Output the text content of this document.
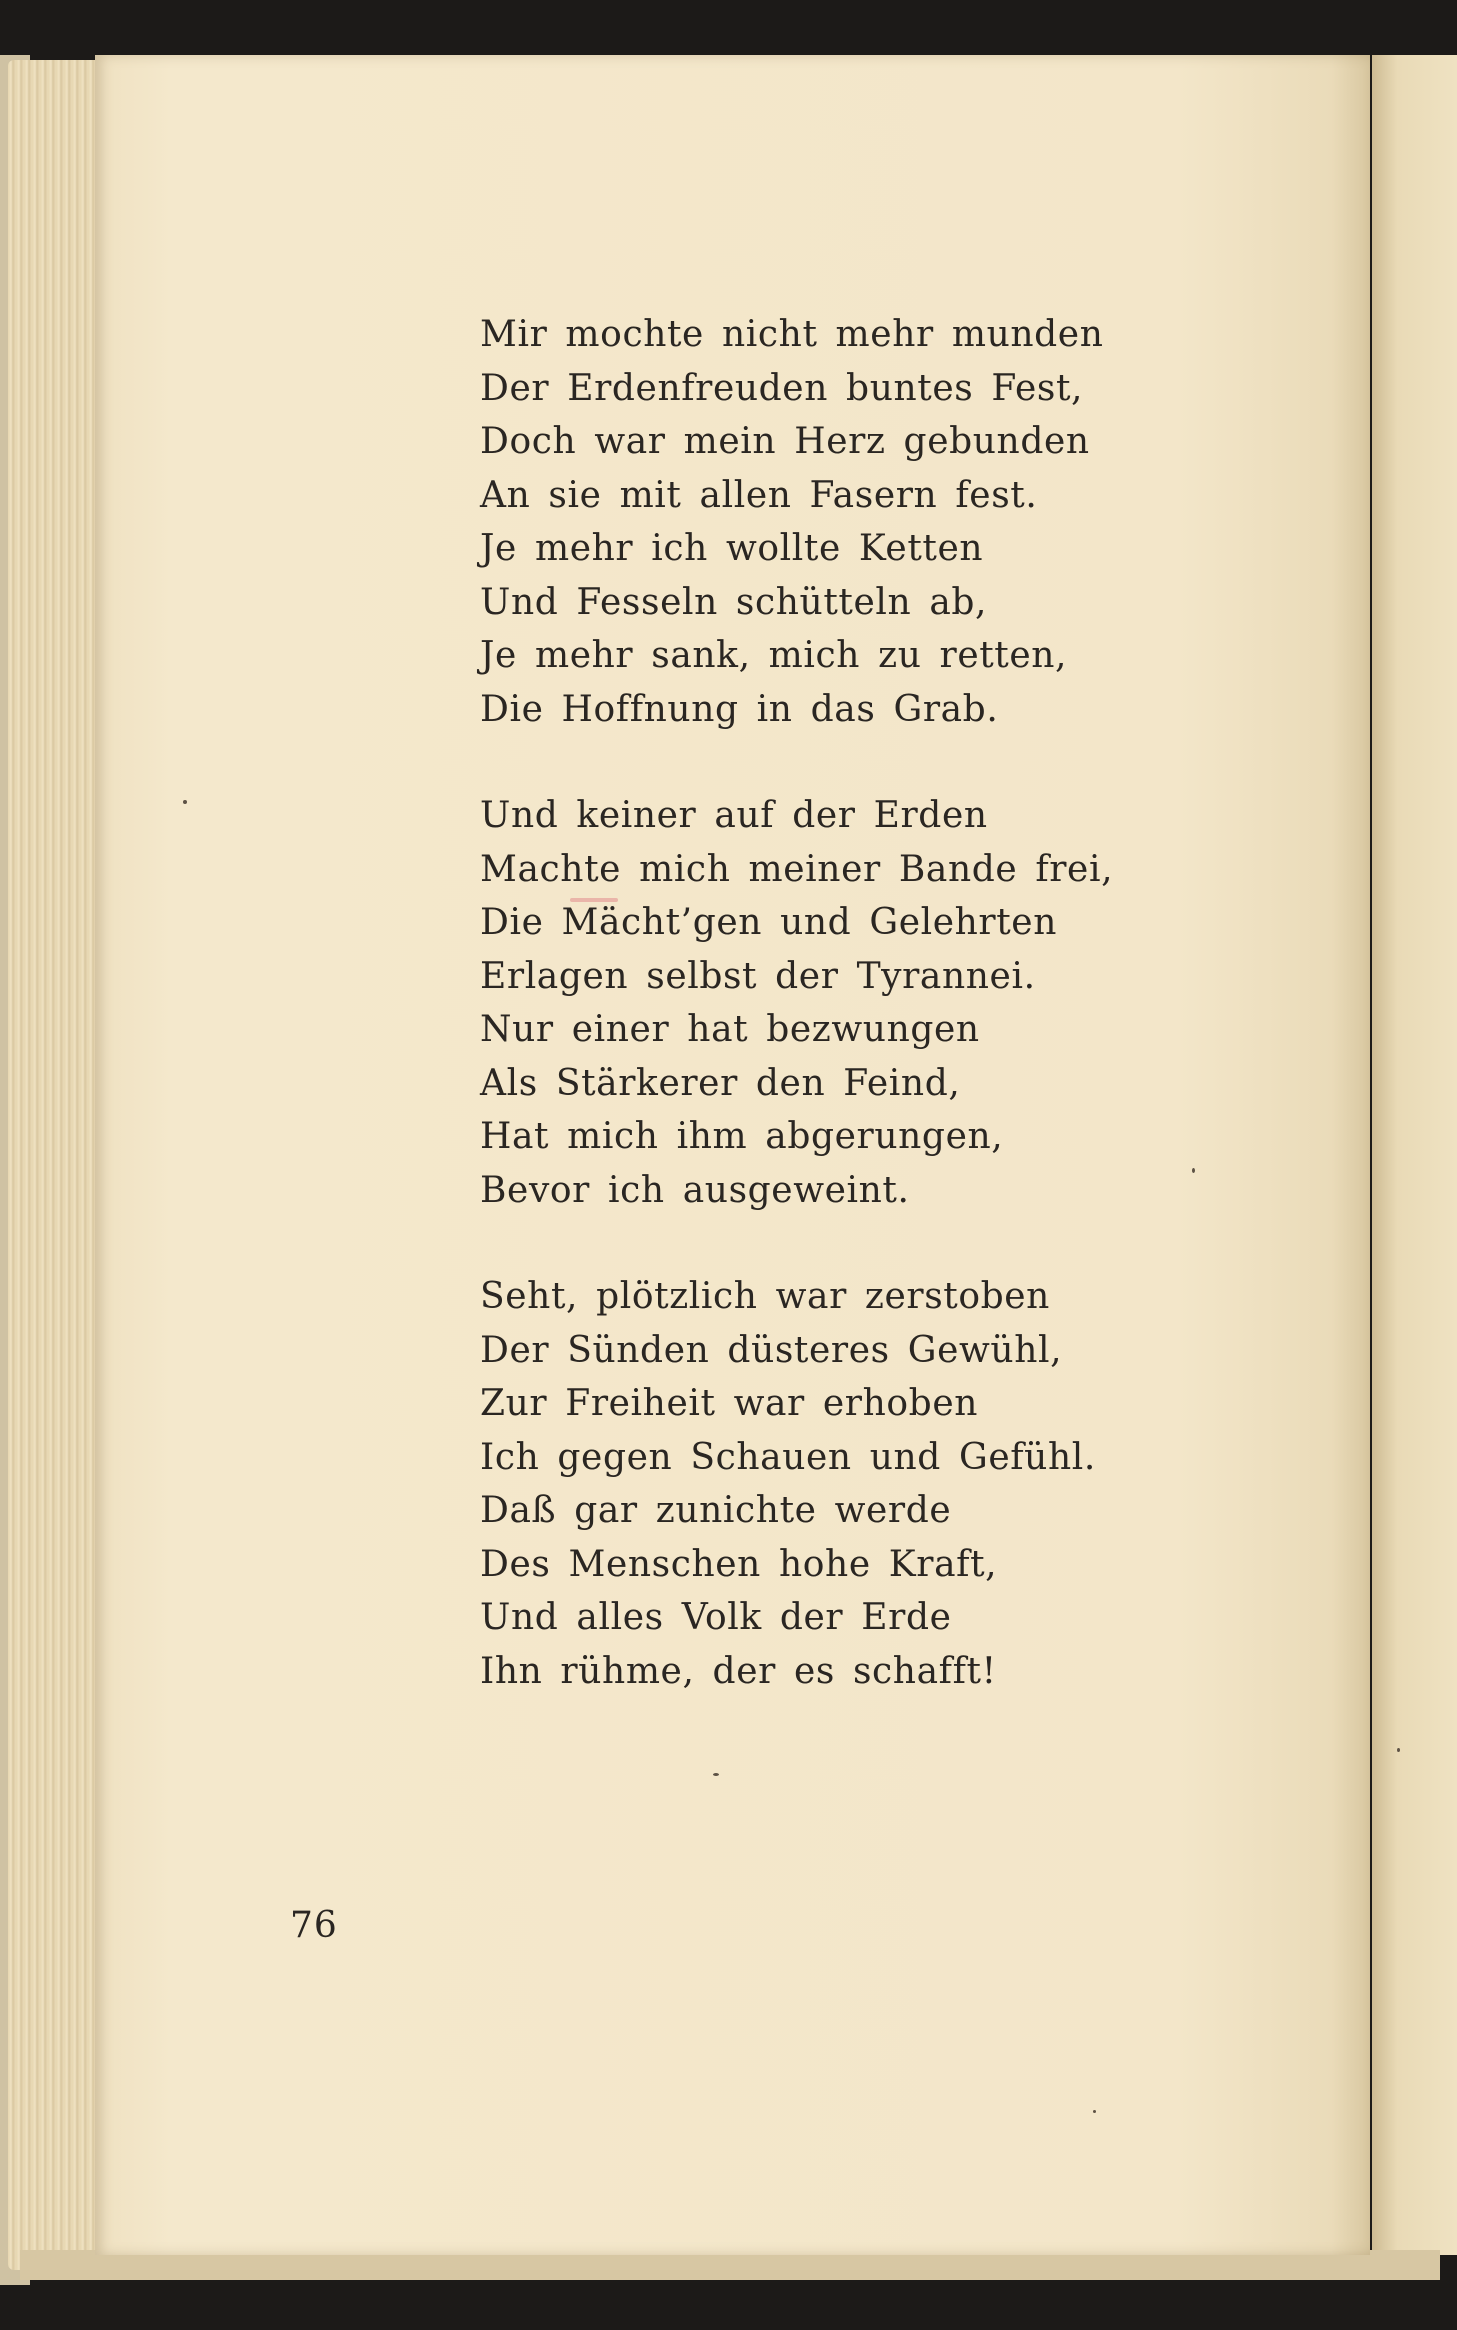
Mir mochte nicht mehr munden
Der Erdenfreuden buntes Fest,
Doch war mein Herz gebunden
An sie mit allen Fasern fest.
Je mehr ich wollte Ketten
Und Fesseln schütteln ab,
Je mehr sank, mich zu retten,
Die Hoffnung in das Grab.
Und keiner auf der Erden
Machte mich meiner Bande frei,
Die Mächt’gen und Gelehrten
Erlagen selbst der Tyrannei.
Nur einer hat bezwungen
Als Stärkerer den Feind,
Hat mich ihm abgerungen,
Bevor ich ausgeweint.
Seht, plötzlich war zerstoben
Der Sünden düsteres Gewühl,
Zur Freiheit war erhoben
Ich gegen Schauen und Gefühl.
Daß gar zunichte werde
Des Menschen hohe Kraft,
Und alles Volk der Erde
Ihn rühme, der es schafft!
76
